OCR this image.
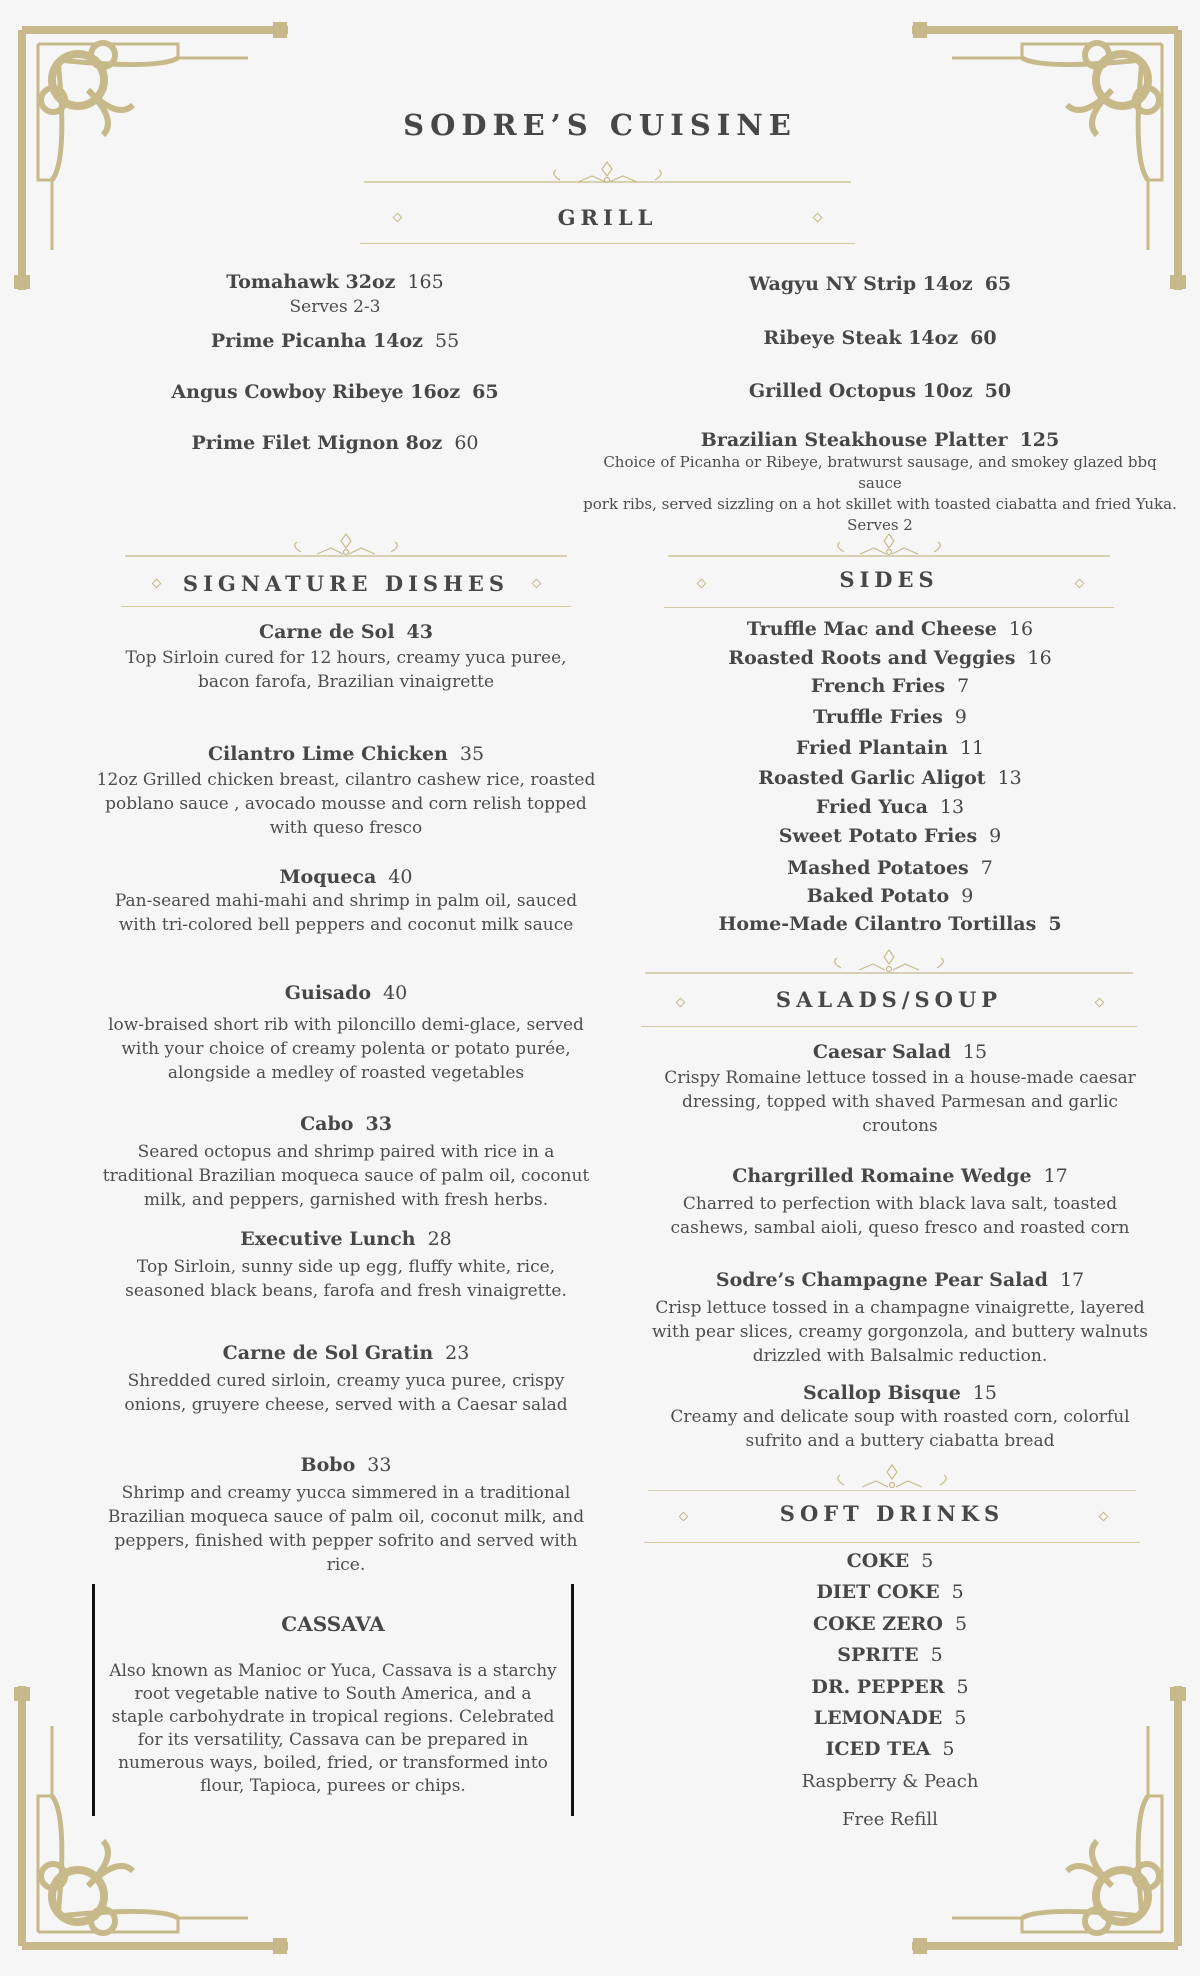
SODRE’S CUISINE
GRILL
Tomahawk 32oz 165
Serves 2-3
Prime Picanha 14oz 55
Angus Cowboy Ribeye 16oz 65
Prime Filet Mignon 8oz 60
Wagyu NY Strip 14oz 65
Ribeye Steak 14oz 60
Grilled Octopus 10oz 50
Brazilian Steakhouse Platter 125
Choice of Picanha or Ribeye, bratwurst sausage, and smokey glazed bbq sauce
pork ribs, served sizzling on a hot skillet with toasted ciabatta and fried Yuka.
Serves 2
SIGNATURE DISHES
Carne de Sol 43
Top Sirloin cured for 12 hours, creamy yuca puree,
bacon farofa, Brazilian vinaigrette
Cilantro Lime Chicken 35
12oz Grilled chicken breast, cilantro cashew rice, roasted
poblano sauce , avocado mousse and corn relish topped
with queso fresco
Moqueca 40
Pan-seared mahi-mahi and shrimp in palm oil, sauced
with tri-colored bell peppers and coconut milk sauce
Guisado 40
low-braised short rib with piloncillo demi-glace, served
with your choice of creamy polenta or potato purée,
alongside a medley of roasted vegetables
Cabo 33
Seared octopus and shrimp paired with rice in a
traditional Brazilian moqueca sauce of palm oil, coconut
milk, and peppers, garnished with fresh herbs.
Executive Lunch 28
Top Sirloin, sunny side up egg, fluffy white, rice,
seasoned black beans, farofa and fresh vinaigrette.
Carne de Sol Gratin 23
Shredded cured sirloin, creamy yuca puree, crispy
onions, gruyere cheese, served with a Caesar salad
Bobo 33
Shrimp and creamy yucca simmered in a traditional
Brazilian moqueca sauce of palm oil, coconut milk, and
peppers, finished with pepper sofrito and served with
rice.
CASSAVA
Also known as Manioc or Yuca, Cassava is a starchy root vegetable native to South America, and a staple carbohydrate in tropical regions. Celebrated for its versatility, Cassava can be prepared in numerous ways, boiled, fried, or transformed into flour, Tapioca, purees or chips.
SIDES
Truffle Mac and Cheese 16
Roasted Roots and Veggies 16
French Fries 7
Truffle Fries 9
Fried Plantain 11
Roasted Garlic Aligot 13
Fried Yuca 13
Sweet Potato Fries 9
Mashed Potatoes 7
Baked Potato 9
Home-Made Cilantro Tortillas 5
SALADS/SOUP
Caesar Salad 15
Crispy Romaine lettuce tossed in a house-made caesar
dressing, topped with shaved Parmesan and garlic
croutons
Chargrilled Romaine Wedge 17
Charred to perfection with black lava salt, toasted
cashews, sambal aioli, queso fresco and roasted corn
Sodre’s Champagne Pear Salad 17
Crisp lettuce tossed in a champagne vinaigrette, layered
with pear slices, creamy gorgonzola, and buttery walnuts
drizzled with Balsalmic reduction.
Scallop Bisque 15
Creamy and delicate soup with roasted corn, colorful
sufrito and a buttery ciabatta bread
SOFT DRINKS
COKE 5
DIET COKE 5
COKE ZERO 5
SPRITE 5
DR. PEPPER 5
LEMONADE 5
ICED TEA 5
Raspberry & Peach
Free Refill
